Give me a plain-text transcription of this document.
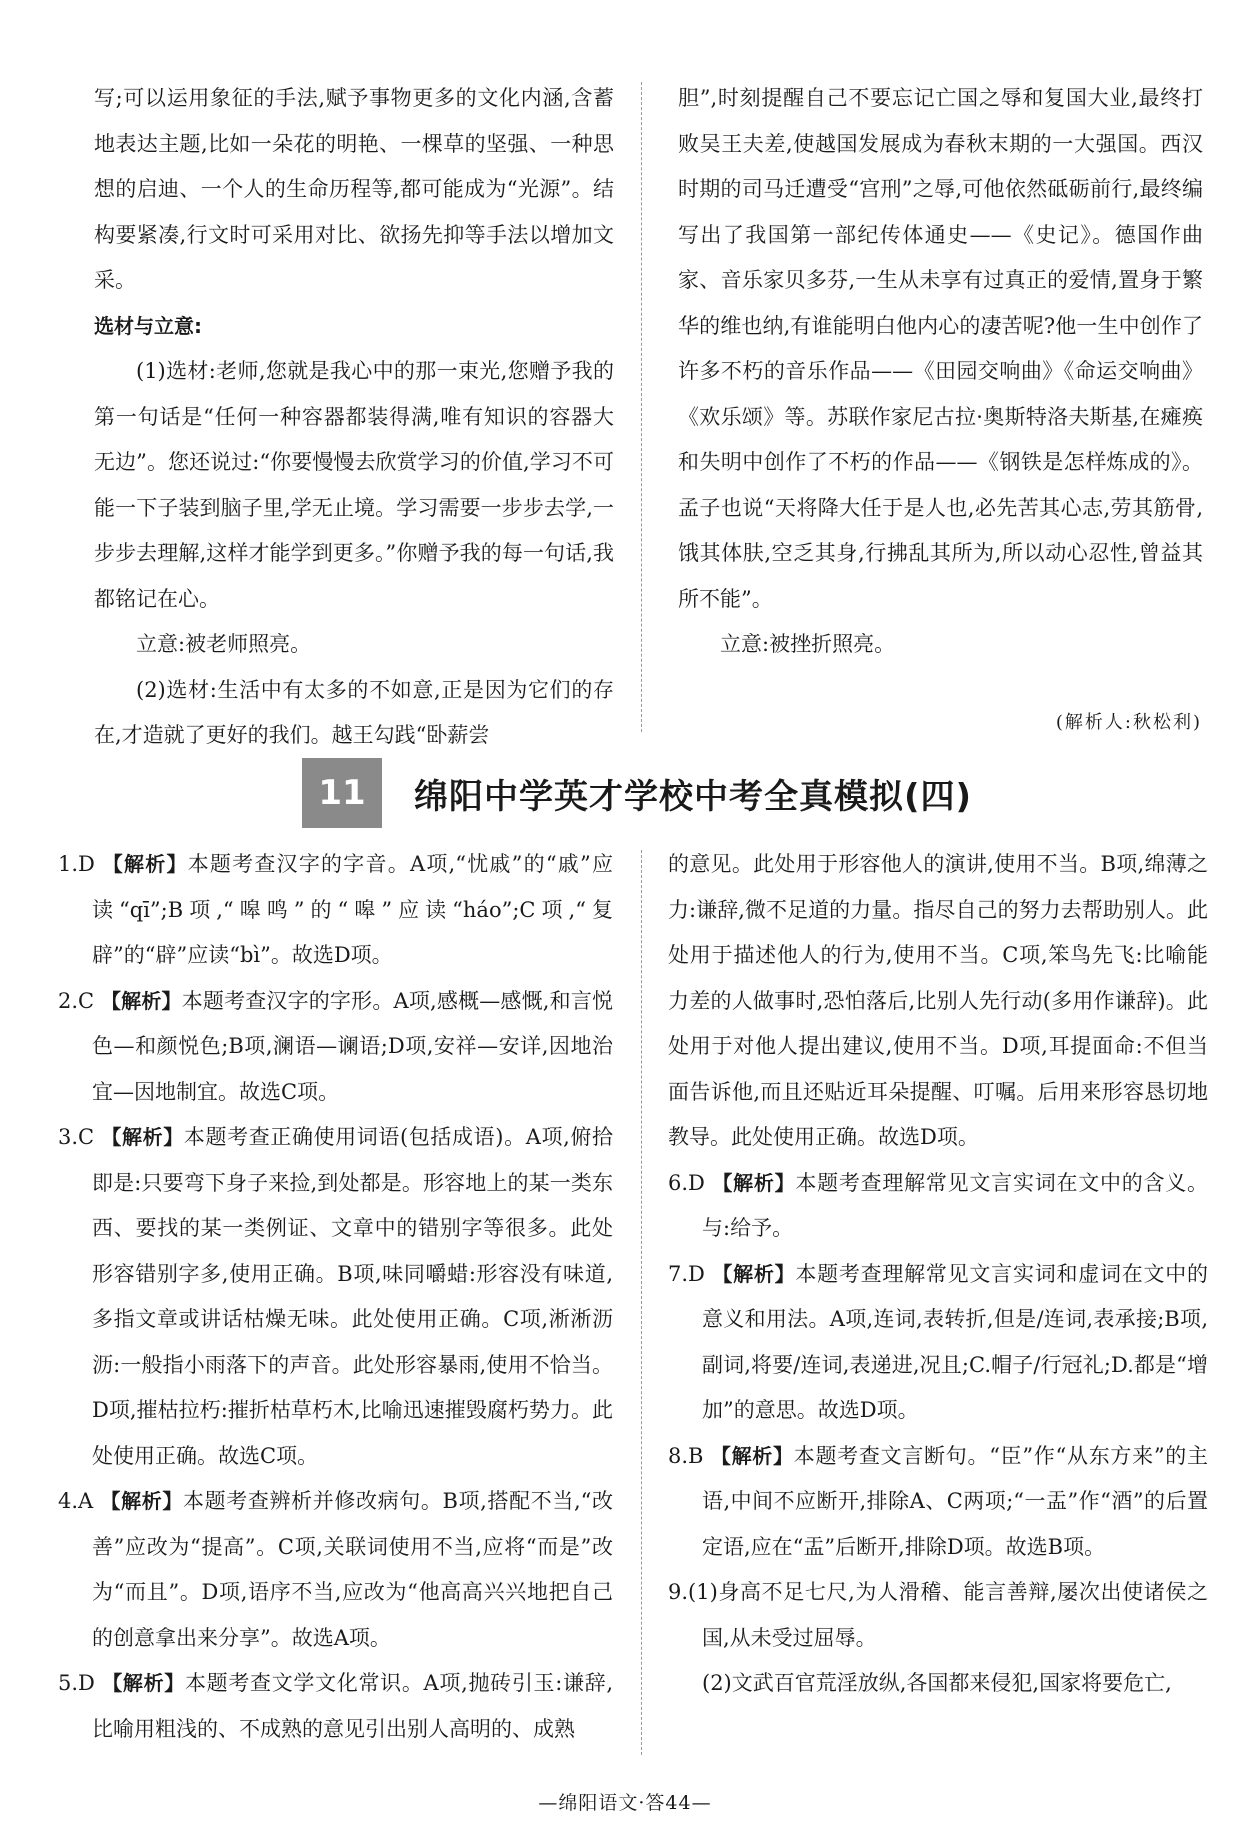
写;可以运用象征的手法,赋予事物更多的文化内涵,含蓄地表达主题,比如一朵花的明艳、一棵草的坚强、一种思想的启迪、一个人的生命历程等,都可能成为“光源”。结构要紧凑,行文时可采用对比、欲扬先抑等手法以增加文采。

选材与立意:

(1)选材:老师,您就是我心中的那一束光,您赠予我的第一句话是“任何一种容器都装得满,唯有知识的容器大无边”。您还说过:“你要慢慢去欣赏学习的价值,学习不可能一下子装到脑子里,学无止境。学习需要一步步去学,一步步去理解,这样才能学到更多。”你赠予我的每一句话,我都铭记在心。

立意:被老师照亮。

(2)选材:生活中有太多的不如意,正是因为它们的存在,才造就了更好的我们。越王勾践“卧薪尝

胆”,时刻提醒自己不要忘记亡国之辱和复国大业,最终打败吴王夫差,使越国发展成为春秋末期的一大强国。西汉时期的司马迁遭受“宫刑”之辱,可他依然砥砺前行,最终编写出了我国第一部纪传体通史——《史记》。德国作曲家、音乐家贝多芬,一生从未享有过真正的爱情,置身于繁华的维也纳,有谁能明白他内心的凄苦呢?他一生中创作了许多不朽的音乐作品——《田园交响曲》《命运交响曲》《欢乐颂》等。苏联作家尼古拉·奥斯特洛夫斯基,在瘫痪和失明中创作了不朽的作品——《钢铁是怎样炼成的》。孟子也说“天将降大任于是人也,必先苦其心志,劳其筋骨,饿其体肤,空乏其身,行拂乱其所为,所以动心忍性,曾益其所不能”。

立意:被挫折照亮。

(解析人:秋松利)
11	绵阳中学英才学校中考全真模拟(四)

1.D 【解析】本题考查汉字的字音。A项,“忧戚”的“戚”应读“qī”;B项,“嗥鸣”的“嗥”应读“háo”;C项,“复辟”的“辟”应读“bì”。故选D项。

2.C 【解析】本题考查汉字的字形。A项,感概—感慨,和言悦色—和颜悦色;B项,澜语—谰语;D项,安祥—安详,因地治宜—因地制宜。故选C项。

3.C 【解析】本题考查正确使用词语(包括成语)。A项,俯拾即是:只要弯下身子来捡,到处都是。形容地上的某一类东西、要找的某一类例证、文章中的错别字等很多。此处形容错别字多,使用正确。B项,味同嚼蜡:形容没有味道,多指文章或讲话枯燥无味。此处使用正确。C项,淅淅沥沥:一般指小雨落下的声音。此处形容暴雨,使用不恰当。D项,摧枯拉朽:摧折枯草朽木,比喻迅速摧毁腐朽势力。此处使用正确。故选C项。

4.A 【解析】本题考查辨析并修改病句。B项,搭配不当,“改善”应改为“提高”。C项,关联词使用不当,应将“而是”改为“而且”。D项,语序不当,应改为“他高高兴兴地把自己的创意拿出来分享”。故选A项。

5.D 【解析】本题考查文学文化常识。A项,抛砖引玉:谦辞,比喻用粗浅的、不成熟的意见引出别人高明的、成熟

的意见。此处用于形容他人的演讲,使用不当。B项,绵薄之力:谦辞,微不足道的力量。指尽自己的努力去帮助别人。此处用于描述他人的行为,使用不当。C项,笨鸟先飞:比喻能力差的人做事时,恐怕落后,比别人先行动(多用作谦辞)。此处用于对他人提出建议,使用不当。D项,耳提面命:不但当面告诉他,而且还贴近耳朵提醒、叮嘱。后用来形容恳切地教导。此处使用正确。故选D项。

6.D 【解析】本题考查理解常见文言实词在文中的含义。与:给予。

7.D 【解析】本题考查理解常见文言实词和虚词在文中的意义和用法。A项,连词,表转折,但是/连词,表承接;B项,副词,将要/连词,表递进,况且;C.帽子/行冠礼;D.都是“增加”的意思。故选D项。

8.B 【解析】本题考查文言断句。“臣”作“从东方来”的主语,中间不应断开,排除A、C两项;“一盂”作“酒”的后置定语,应在“盂”后断开,排除D项。故选B项。

9.(1)身高不足七尺,为人滑稽、能言善辩,屡次出使诸侯之国,从未受过屈辱。

(2)文武百官荒淫放纵,各国都来侵犯,国家将要危亡,

—绵阳语文·答44—
